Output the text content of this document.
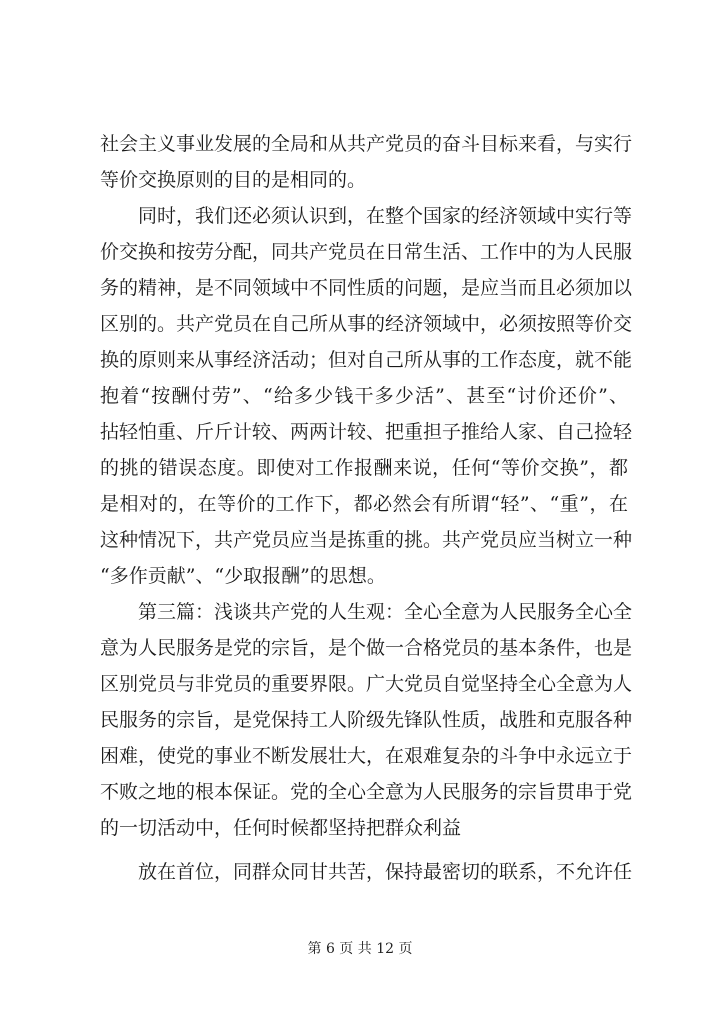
社会主义事业发展的全局和从共产党员的奋斗目标来看，与实行
等价交换原则的目的是相同的。
同时，我们还必须认识到，在整个国家的经济领域中实行等
价交换和按劳分配，同共产党员在日常生活、工作中的为人民服
务的精神，是不同领域中不同性质的问题，是应当而且必须加以
区别的。共产党员在自己所从事的经济领域中，必须按照等价交
换的原则来从事经济活动；但对自己所从事的工作态度，就不能
抱着“按酬付劳”、“给多少钱干多少活”、甚至“讨价还价”、
拈轻怕重、斤斤计较、两两计较、把重担子推给人家、自己捡轻
的挑的错误态度。即使对工作报酬来说，任何“等价交换”，都
是相对的，在等价的工作下，都必然会有所谓“轻”、“重”，在
这种情况下，共产党员应当是拣重的挑。共产党员应当树立一种
“多作贡献”、“少取报酬”的思想。
第三篇：浅谈共产党的人生观：全心全意为人民服务全心全
意为人民服务是党的宗旨，是个做一合格党员的基本条件，也是
区别党员与非党员的重要界限。广大党员自觉坚持全心全意为人
民服务的宗旨，是党保持工人阶级先锋队性质，战胜和克服各种
困难，使党的事业不断发展壮大，在艰难复杂的斗争中永远立于
不败之地的根本保证。党的全心全意为人民服务的宗旨贯串于党
的一切活动中，任何时候都坚持把群众利益
放在首位，同群众同甘共苦，保持最密切的联系，不允许任
第 6 页 共 12 页
